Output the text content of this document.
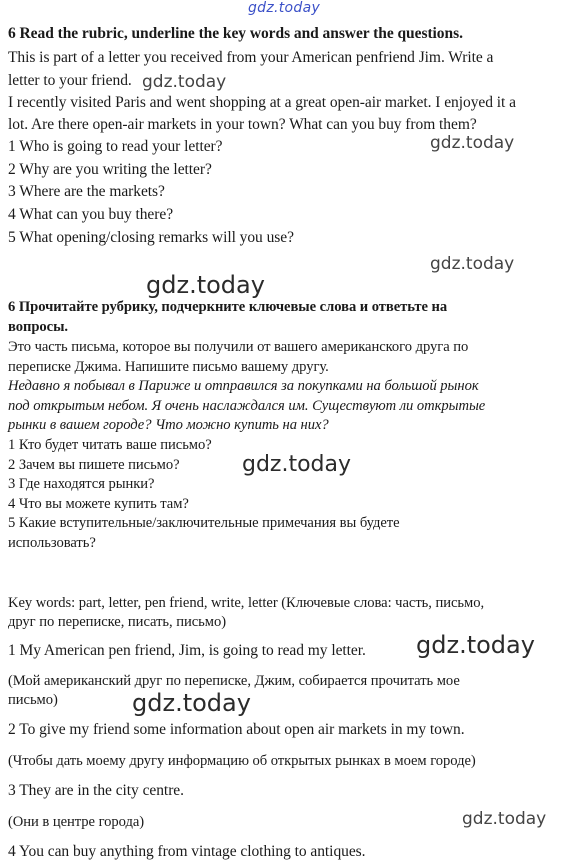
gdz.today
gdz.today
gdz.today
gdz.today
gdz.today
gdz.today
gdz.today
gdz.today
gdz.today
6 Read the rubric, underline the key words and answer the questions.
This is part of a letter you received from your American penfriend Jim. Write a
letter to your friend.
I recently visited Paris and went shopping at a great open-air market. I enjoyed it a
lot. Are there open-air markets in your town? What can you buy from them?
1 Who is going to read your letter?
2 Why are you writing the letter?
3 Where are the markets?
4 What can you buy there?
5 What opening/closing remarks will you use?
6 Прочитайте рубрику, подчеркните ключевые слова и ответьте на
вопросы.
Это часть письма, которое вы получили от вашего американского друга по
переписке Джима. Напишите письмо вашему другу.
Недавно я побывал в Париже и отправился за покупками на большой рынок
под открытым небом. Я очень наслаждался им. Существуют ли открытые
рынки в вашем городе? Что можно купить на них?
1 Кто будет читать ваше письмо?
2 Зачем вы пишете письмо?
3 Где находятся рынки?
4 Что вы можете купить там?
5 Какие вступительные/заключительные примечания вы будете
использовать?
Key words: part, letter, pen friend, write, letter (Ключевые слова: часть, письмо,
друг по переписке, писать, письмо)
1 My American pen friend, Jim, is going to read my letter.
(Мой американский друг по переписке, Джим, собирается прочитать мое
письмо)
2 To give my friend some information about open air markets in my town.
(Чтобы дать моему другу информацию об открытых рынках в моем городе)
3 They are in the city centre.
(Они в центре города)
4 You can buy anything from vintage clothing to antiques.
